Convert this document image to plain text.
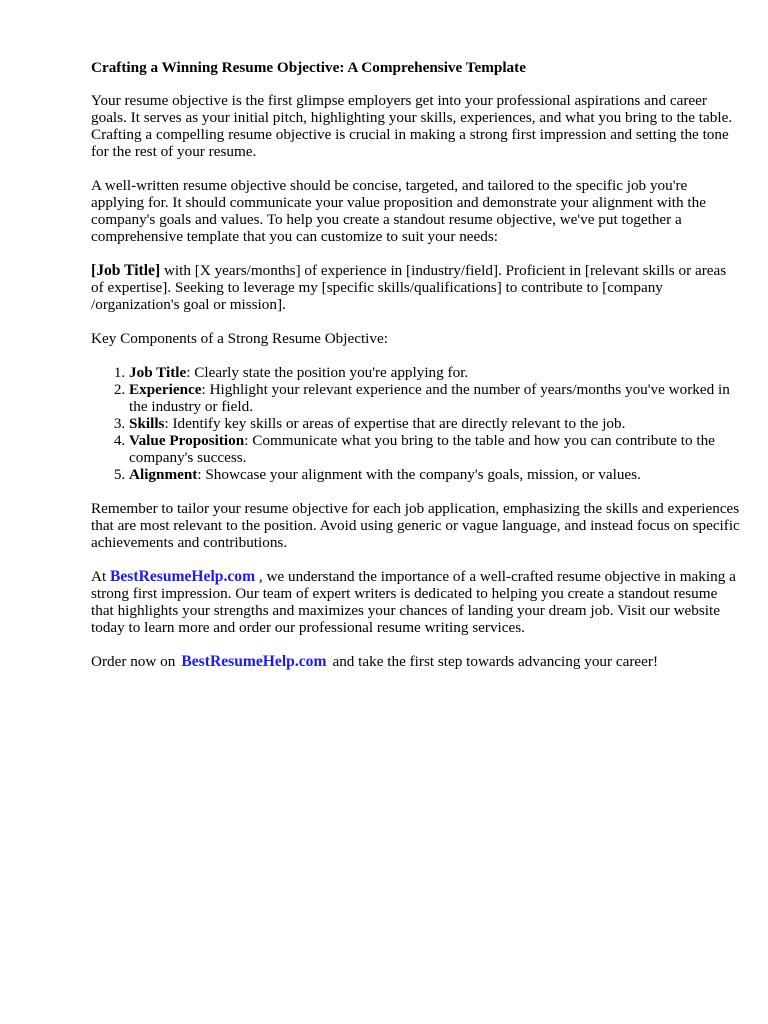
Crafting a Winning Resume Objective: A Comprehensive Template

Your resume objective is the first glimpse employers get into your professional aspirations and career goals. It serves as your initial pitch, highlighting your skills, experiences, and what you bring to the table. Crafting a compelling resume objective is crucial in making a strong first impression and setting the tone for the rest of your resume.

A well-written resume objective should be concise, targeted, and tailored to the specific job you're applying for. It should communicate your value proposition and demonstrate your alignment with the company's goals and values. To help you create a standout resume objective, we've put together a comprehensive template that you can customize to suit your needs:

[Job Title] with [X years/months] of experience in [industry/field]. Proficient in [relevant skills or areas of expertise]. Seeking to leverage my [specific skills/qualifications] to contribute to [company /organization's goal or mission].

Key Components of a Strong Resume Objective:

1. Job Title: Clearly state the position you're applying for.
2. Experience: Highlight your relevant experience and the number of years/months you've worked in the industry or field.
3. Skills: Identify key skills or areas of expertise that are directly relevant to the job.
4. Value Proposition: Communicate what you bring to the table and how you can contribute to the company's success.
5. Alignment: Showcase your alignment with the company's goals, mission, or values.

Remember to tailor your resume objective for each job application, emphasizing the skills and experiences that are most relevant to the position. Avoid using generic or vague language, and instead focus on specific achievements and contributions.

At BestResumeHelp.com , we understand the importance of a well-crafted resume objective in making a strong first impression. Our team of expert writers is dedicated to helping you create a standout resume that highlights your strengths and maximizes your chances of landing your dream job. Visit our website today to learn more and order our professional resume writing services.

Order now on BestResumeHelp.com and take the first step towards advancing your career!
